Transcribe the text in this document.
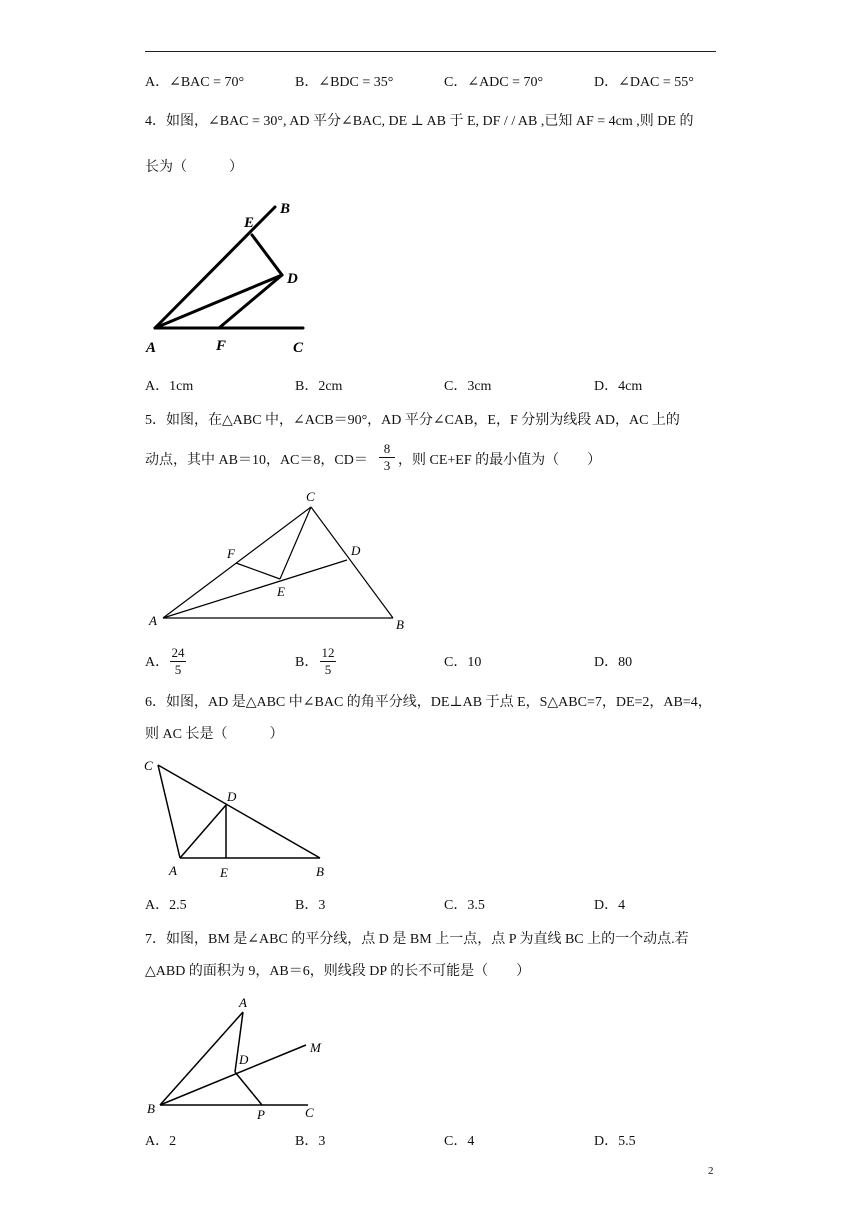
A．∠BAC = 70°	B．∠BDC = 35°	C．∠ADC = 70°	D．∠DAC = 55°
4．如图，∠BAC = 30°, AD 平分∠BAC, DE ⊥ AB 于 E, DF / / AB ,已知 AF = 4cm ,则 DE 的
长为（　　　）
E
B
D
A	F	C
A．1cm	B．2cm	C．3cm	D．4cm
5．如图，在△ABC 中，∠ACB＝90°，AD 平分∠CAB，E，F 分别为线段 AD，AC 上的
动点，其中 AB＝10，AC＝8，$CD= \frac{8}{3}$ ，则 CE+EF 的最小值为（　　）
C
F	D
E
A	B
A． $\frac{24}{5}$	B． $\frac{12}{5}$	C．10	D．80
6．如图，AD 是△ABC 中∠BAC 的角平分线，DE⊥AB 于点 E，S△ABC=7，DE=2，AB=4，
则 AC 长是（　　　）
C
D
A	E	B
A．2.5	B．3	C．3.5	D．4
7．如图，BM 是∠ABC 的平分线，点 D 是 BM 上一点，点 P 为直线 BC 上的一个动点.若
△ABD 的面积为 9，AB＝6，则线段 DP 的长不可能是（　　）
A
M
D
B	P	C
A．2	B．3	C．4	D．5.5
2
